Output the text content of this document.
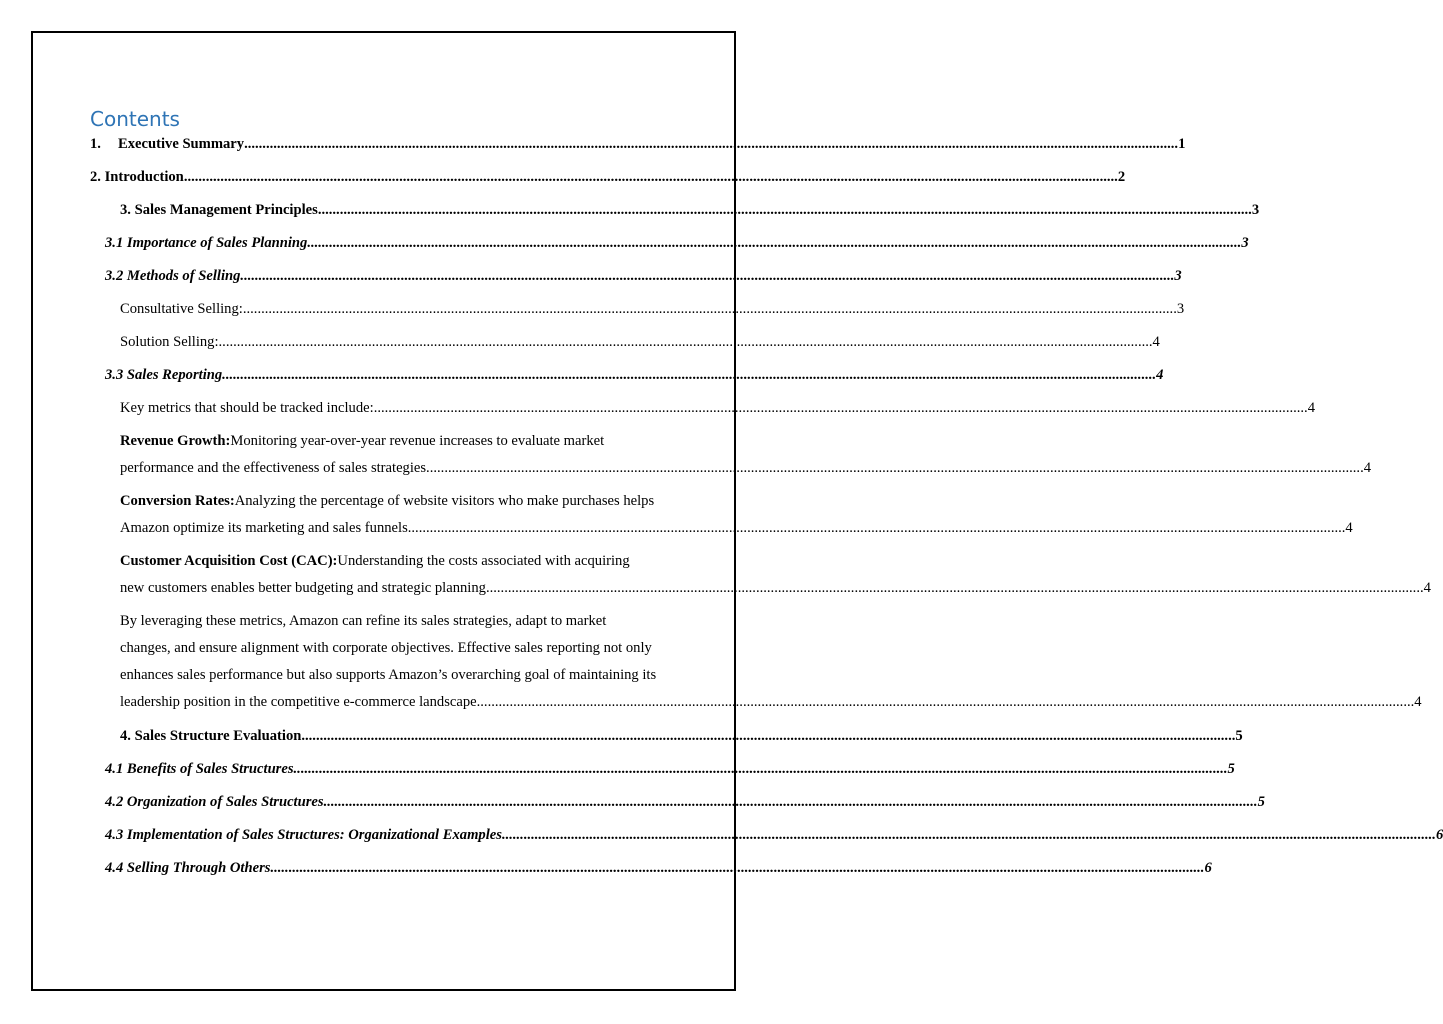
Contents
1. Executive Summary .....	1
2. Introduction .....	2
3. Sales Management Principles .....	3
3.1 Importance of Sales Planning .....	3
3.2 Methods of Selling .....	3
Consultative Selling: .....	3
Solution Selling: .....	4
3.3 Sales Reporting .....	4
Key metrics that should be tracked include: .....	4
Revenue Growth: Monitoring year-over-year revenue increases to evaluate market
performance and the effectiveness of sales strategies. .....	4
Conversion Rates: Analyzing the percentage of website visitors who make purchases helps
Amazon optimize its marketing and sales funnels. .....	4
Customer Acquisition Cost (CAC): Understanding the costs associated with acquiring
new customers enables better budgeting and strategic planning. .....	4
By leveraging these metrics, Amazon can refine its sales strategies, adapt to market
changes, and ensure alignment with corporate objectives. Effective sales reporting not only
enhances sales performance but also supports Amazon’s overarching goal of maintaining its
leadership position in the competitive e-commerce landscape. .....	4
4. Sales Structure Evaluation .....	5
4.1 Benefits of Sales Structures .....	5
4.2 Organization of Sales Structures .....	5
4.3 Implementation of Sales Structures: Organizational Examples .....	6
4.4 Selling Through Others .....	6
